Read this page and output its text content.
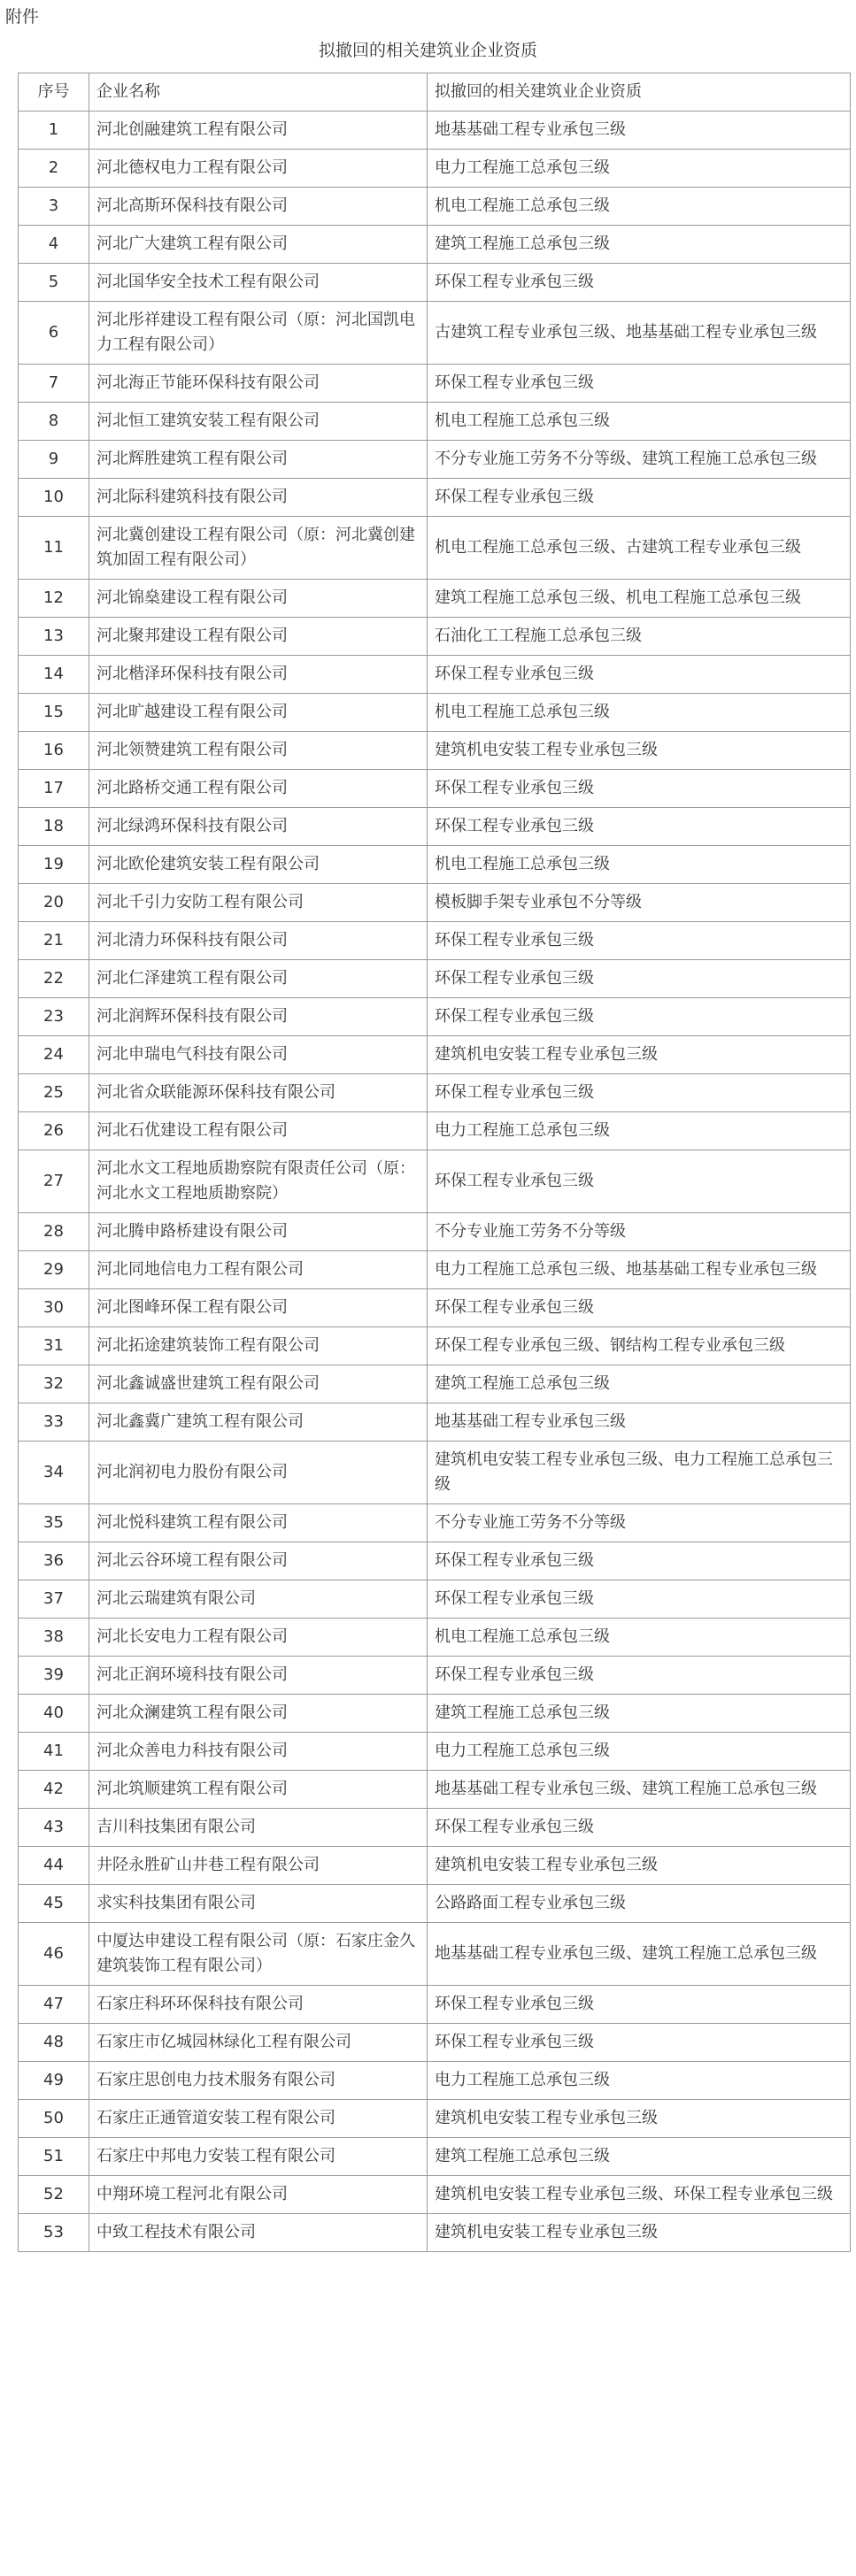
附件
拟撤回的相关建筑业企业资质
序号	企业名称	拟撤回的相关建筑业企业资质
1	河北创融建筑工程有限公司	地基基础工程专业承包三级
2	河北德权电力工程有限公司	电力工程施工总承包三级
3	河北高斯环保科技有限公司	机电工程施工总承包三级
4	河北广大建筑工程有限公司	建筑工程施工总承包三级
5	河北国华安全技术工程有限公司	环保工程专业承包三级
6	河北彤祥建设工程有限公司（原：河北国凯电力工程有限公司）	古建筑工程专业承包三级、地基基础工程专业承包三级
7	河北海正节能环保科技有限公司	环保工程专业承包三级
8	河北恒工建筑安装工程有限公司	机电工程施工总承包三级
9	河北辉胜建筑工程有限公司	不分专业施工劳务不分等级、建筑工程施工总承包三级
10	河北际科建筑科技有限公司	环保工程专业承包三级
11	河北冀创建设工程有限公司（原：河北冀创建筑加固工程有限公司）	机电工程施工总承包三级、古建筑工程专业承包三级
12	河北锦燊建设工程有限公司	建筑工程施工总承包三级、机电工程施工总承包三级
13	河北聚邦建设工程有限公司	石油化工工程施工总承包三级
14	河北楷泽环保科技有限公司	环保工程专业承包三级
15	河北旷越建设工程有限公司	机电工程施工总承包三级
16	河北领赞建筑工程有限公司	建筑机电安装工程专业承包三级
17	河北路桥交通工程有限公司	环保工程专业承包三级
18	河北绿鸿环保科技有限公司	环保工程专业承包三级
19	河北欧伦建筑安装工程有限公司	机电工程施工总承包三级
20	河北千引力安防工程有限公司	模板脚手架专业承包不分等级
21	河北清力环保科技有限公司	环保工程专业承包三级
22	河北仁泽建筑工程有限公司	环保工程专业承包三级
23	河北润辉环保科技有限公司	环保工程专业承包三级
24	河北申瑞电气科技有限公司	建筑机电安装工程专业承包三级
25	河北省众联能源环保科技有限公司	环保工程专业承包三级
26	河北石优建设工程有限公司	电力工程施工总承包三级
27	河北水文工程地质勘察院有限责任公司（原：河北水文工程地质勘察院）	环保工程专业承包三级
28	河北腾申路桥建设有限公司	不分专业施工劳务不分等级
29	河北同地信电力工程有限公司	电力工程施工总承包三级、地基基础工程专业承包三级
30	河北图峰环保工程有限公司	环保工程专业承包三级
31	河北拓途建筑装饰工程有限公司	环保工程专业承包三级、钢结构工程专业承包三级
32	河北鑫诚盛世建筑工程有限公司	建筑工程施工总承包三级
33	河北鑫冀广建筑工程有限公司	地基基础工程专业承包三级
34	河北润初电力股份有限公司	建筑机电安装工程专业承包三级、电力工程施工总承包三级
35	河北悦科建筑工程有限公司	不分专业施工劳务不分等级
36	河北云谷环境工程有限公司	环保工程专业承包三级
37	河北云瑞建筑有限公司	环保工程专业承包三级
38	河北长安电力工程有限公司	机电工程施工总承包三级
39	河北正润环境科技有限公司	环保工程专业承包三级
40	河北众澜建筑工程有限公司	建筑工程施工总承包三级
41	河北众善电力科技有限公司	电力工程施工总承包三级
42	河北筑顺建筑工程有限公司	地基基础工程专业承包三级、建筑工程施工总承包三级
43	吉川科技集团有限公司	环保工程专业承包三级
44	井陉永胜矿山井巷工程有限公司	建筑机电安装工程专业承包三级
45	求实科技集团有限公司	公路路面工程专业承包三级
46	中厦达申建设工程有限公司（原：石家庄金久建筑装饰工程有限公司）	地基基础工程专业承包三级、建筑工程施工总承包三级
47	石家庄科环环保科技有限公司	环保工程专业承包三级
48	石家庄市亿城园林绿化工程有限公司	环保工程专业承包三级
49	石家庄思创电力技术服务有限公司	电力工程施工总承包三级
50	石家庄正通管道安装工程有限公司	建筑机电安装工程专业承包三级
51	石家庄中邦电力安装工程有限公司	建筑工程施工总承包三级
52	中翔环境工程河北有限公司	建筑机电安装工程专业承包三级、环保工程专业承包三级
53	中致工程技术有限公司	建筑机电安装工程专业承包三级
